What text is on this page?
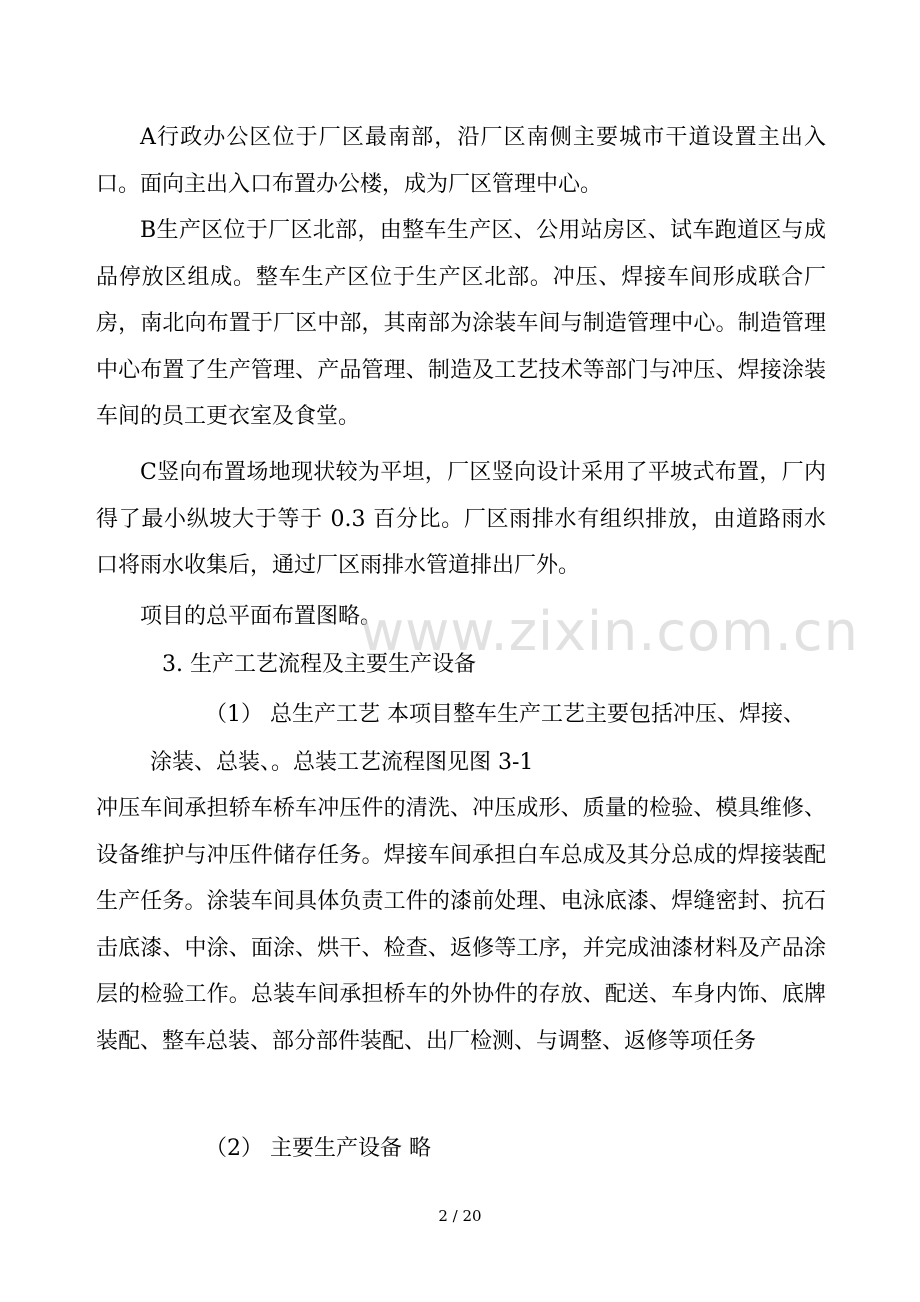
A行政办公区位于厂区最南部，沿厂区南侧主要城市干道设置主出入口。面向主出入口布置办公楼，成为厂区管理中心。

B生产区位于厂区北部，由整车生产区、公用站房区、试车跑道区与成品停放区组成。整车生产区位于生产区北部。冲压、焊接车间形成联合厂房，南北向布置于厂区中部，其南部为涂装车间与制造管理中心。制造管理中心布置了生产管理、产品管理、制造及工艺技术等部门与冲压、焊接涂装车间的员工更衣室及食堂。

C竖向布置场地现状较为平坦，厂区竖向设计采用了平坡式布置，厂内得了最小纵坡大于等于 0.3 百分比。厂区雨排水有组织排放，由道路雨水口将雨水收集后，通过厂区雨排水管道排出厂外。

项目的总平面布置图略。

3. 生产工艺流程及主要生产设备

（1） 总生产工艺 本项目整车生产工艺主要包括冲压、焊接、

涂装、总装、。总装工艺流程图见图 3-1

冲压车间承担轿车桥车冲压件的清洗、冲压成形、质量的检验、模具维修、设备维护与冲压件储存任务。焊接车间承担白车总成及其分总成的焊接装配生产任务。涂装车间具体负责工件的漆前处理、电泳底漆、焊缝密封、抗石击底漆、中涂、面涂、烘干、检查、返修等工序，并完成油漆材料及产品涂层的检验工作。总装车间承担桥车的外协件的存放、配送、车身内饰、底牌装配、整车总装、部分部件装配、出厂检测、与调整、返修等项任务

（2） 主要生产设备 略

www.zixin.com.cn
2 / 20
